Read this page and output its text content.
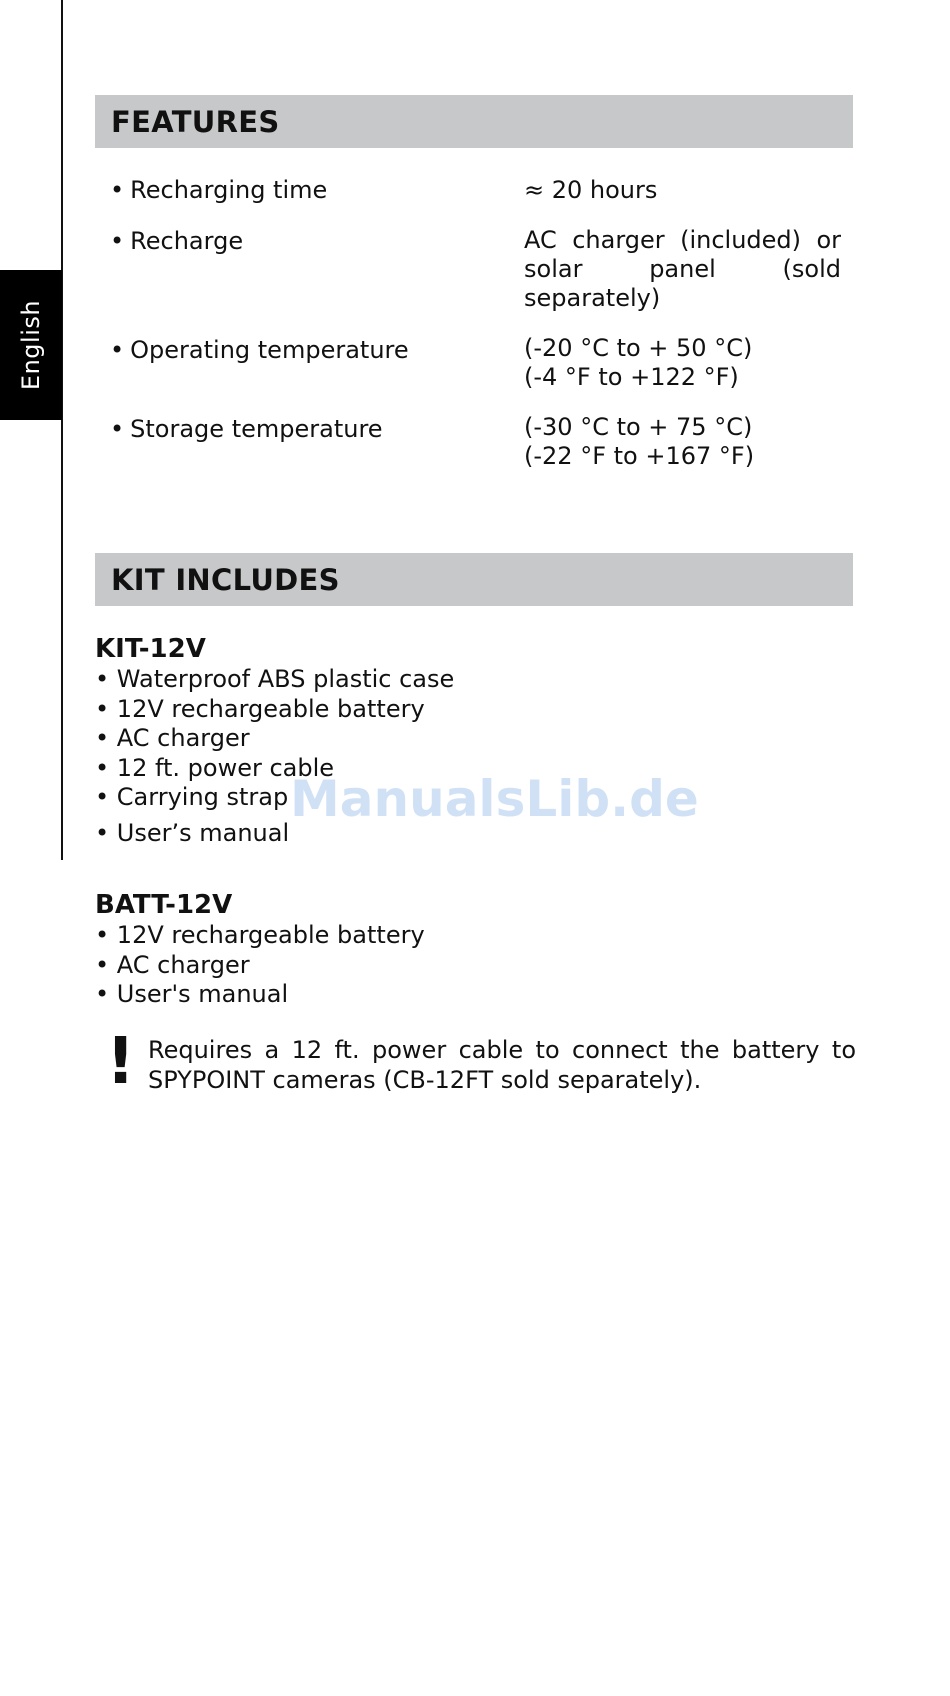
English
FEATURES
• Recharging time	≈ 20 hours
• Recharge	AC charger (included) or solar panel (sold separately)
• Operating temperature	(-20 °C to + 50 °C)
(-4 °F to +122 °F)
• Storage temperature	(-30 °C to + 75 °C)
(-22 °F to +167 °F)
KIT INCLUDES
KIT-12V
• Waterproof ABS plastic case
• 12V rechargeable battery
• AC charger
• 12 ft. power cable
• Carrying strap
• User’s manual
ManualsLib.de
BATT-12V
• 12V rechargeable battery
• AC charger
• User's manual
! Requires a 12 ft. power cable to connect the battery to SPYPOINT cameras (CB-12FT sold separately).
